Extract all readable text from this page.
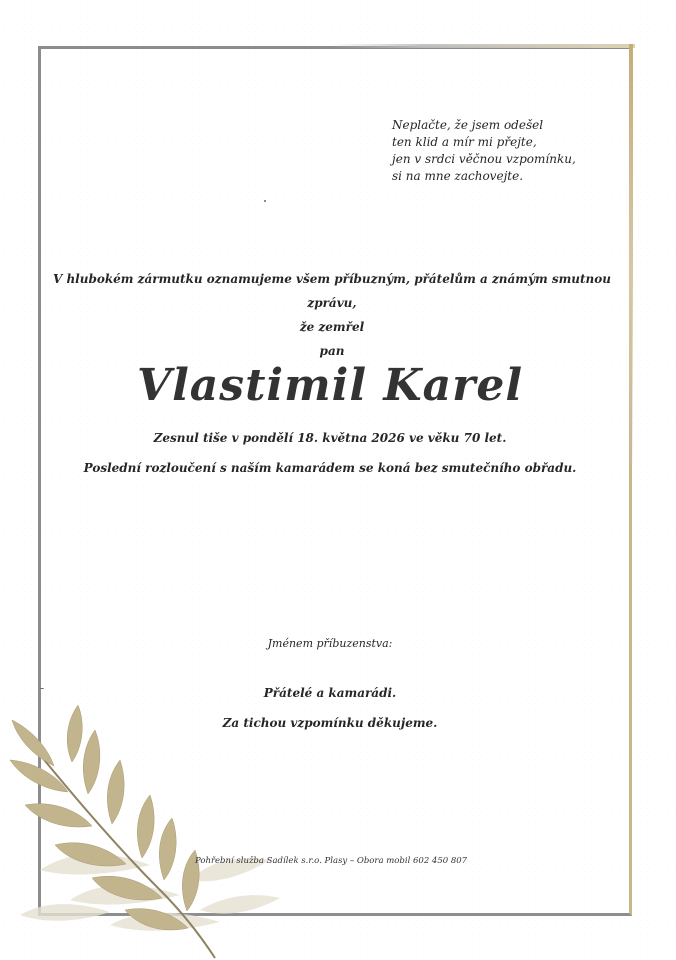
Neplačte, že jsem odešel
ten klid a mír mi přejte,
jen v srdci věčnou vzpomínku,
si na mne zachovejte.
V hlubokém zármutku oznamujeme všem příbuzným, přátelům a známým smutnou zprávu,
že zemřel
pan
Vlastimil Karel
Zesnul tiše v pondělí 18. května 2026 ve věku 70 let.
Poslední rozloučení s naším kamarádem se koná bez smutečního obřadu.
Jménem příbuzenstva:
Přátelé a kamarádi.
Za tichou vzpomínku děkujeme.
Pohřební služba Sadílek s.r.o. Plasy – Obora mobil 602 450 807
